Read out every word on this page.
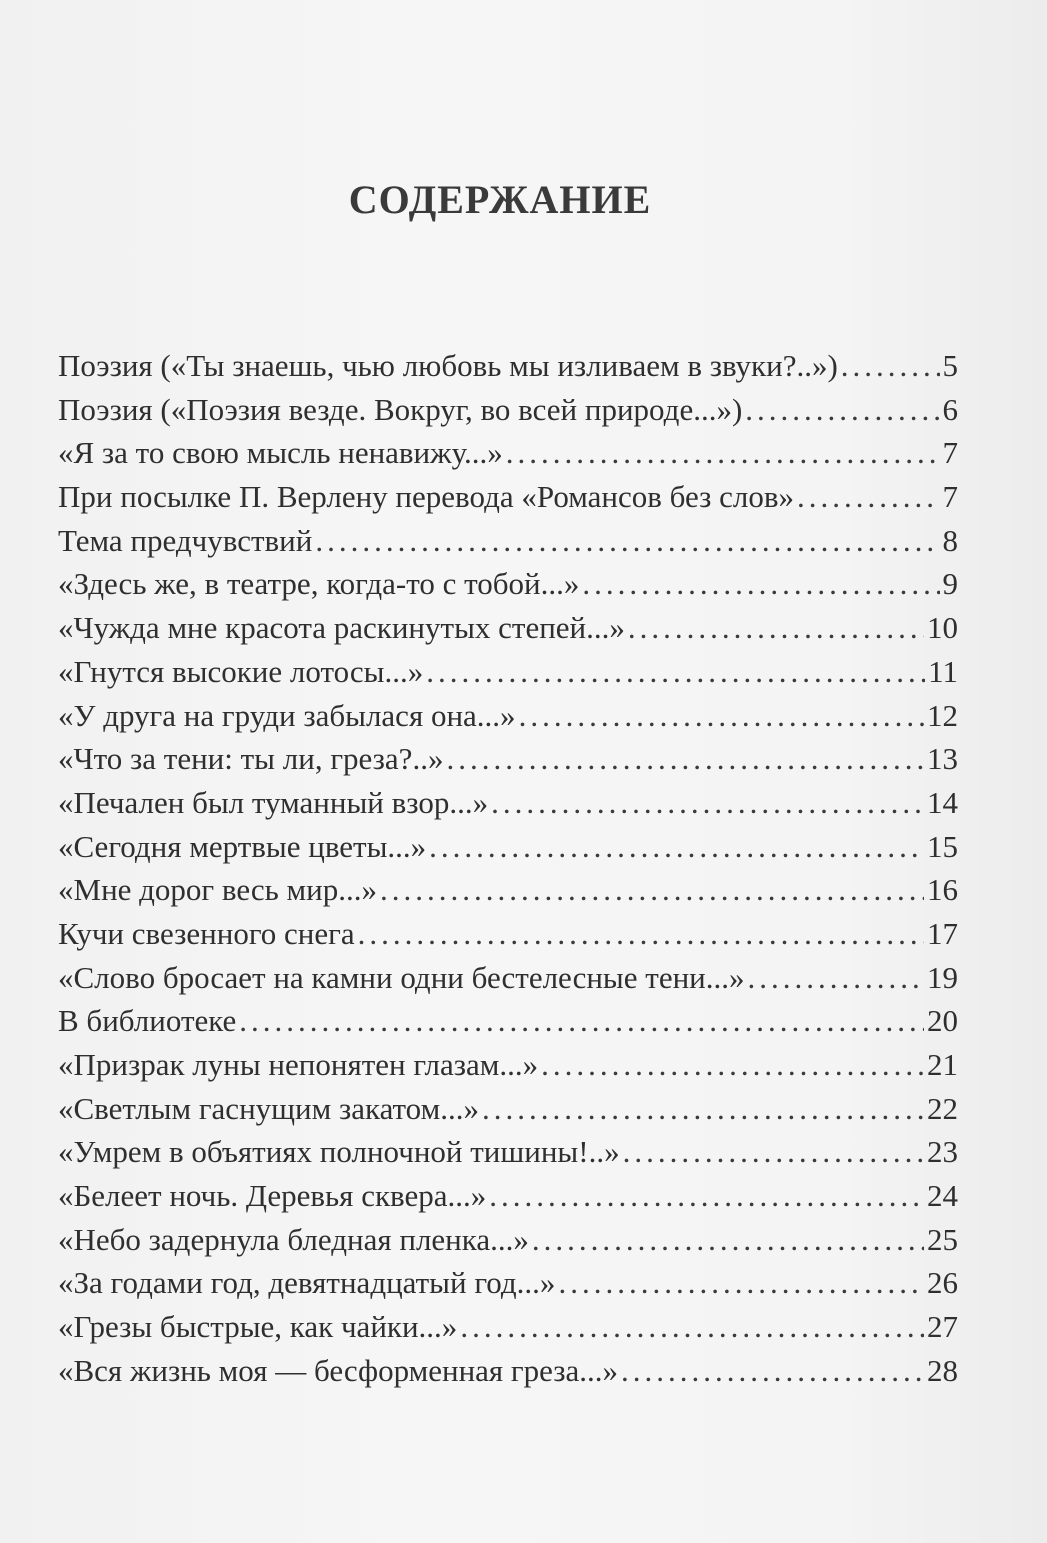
СОДЕРЖАНИЕ
Поэзия («Ты знаешь, чью любовь мы изливаем в звуки?..») .....	5
Поэзия («Поэзия везде. Вокруг, во всей природе...») .....	6
«Я за то свою мысль ненавижу...» .....	7
При посылке П. Верлену перевода «Романсов без слов» .....	7
Тема предчувствий .....	8
«Здесь же, в театре, когда-то с тобой...» .....	9
«Чужда мне красота раскинутых степей...» .....	10
«Гнутся высокие лотосы...» .....	11
«У друга на груди забылася она...» .....	12
«Что за тени: ты ли, греза?..» .....	13
«Печален был туманный взор...» .....	14
«Сегодня мертвые цветы...» .....	15
«Мне дорог весь мир...» .....	16
Кучи свезенного снега .....	17
«Слово бросает на камни одни бестелесные тени...» .....	19
В библиотеке .....	20
«Призрак луны непонятен глазам...» .....	21
«Светлым гаснущим закатом...» .....	22
«Умрем в объятиях полночной тишины!..» .....	23
«Белеет ночь. Деревья сквера...» .....	24
«Небо задернула бледная пленка...» .....	25
«За годами год, девятнадцатый год...» .....	26
«Грезы быстрые, как чайки...» .....	27
«Вся жизнь моя — бесформенная греза...» .....	28
